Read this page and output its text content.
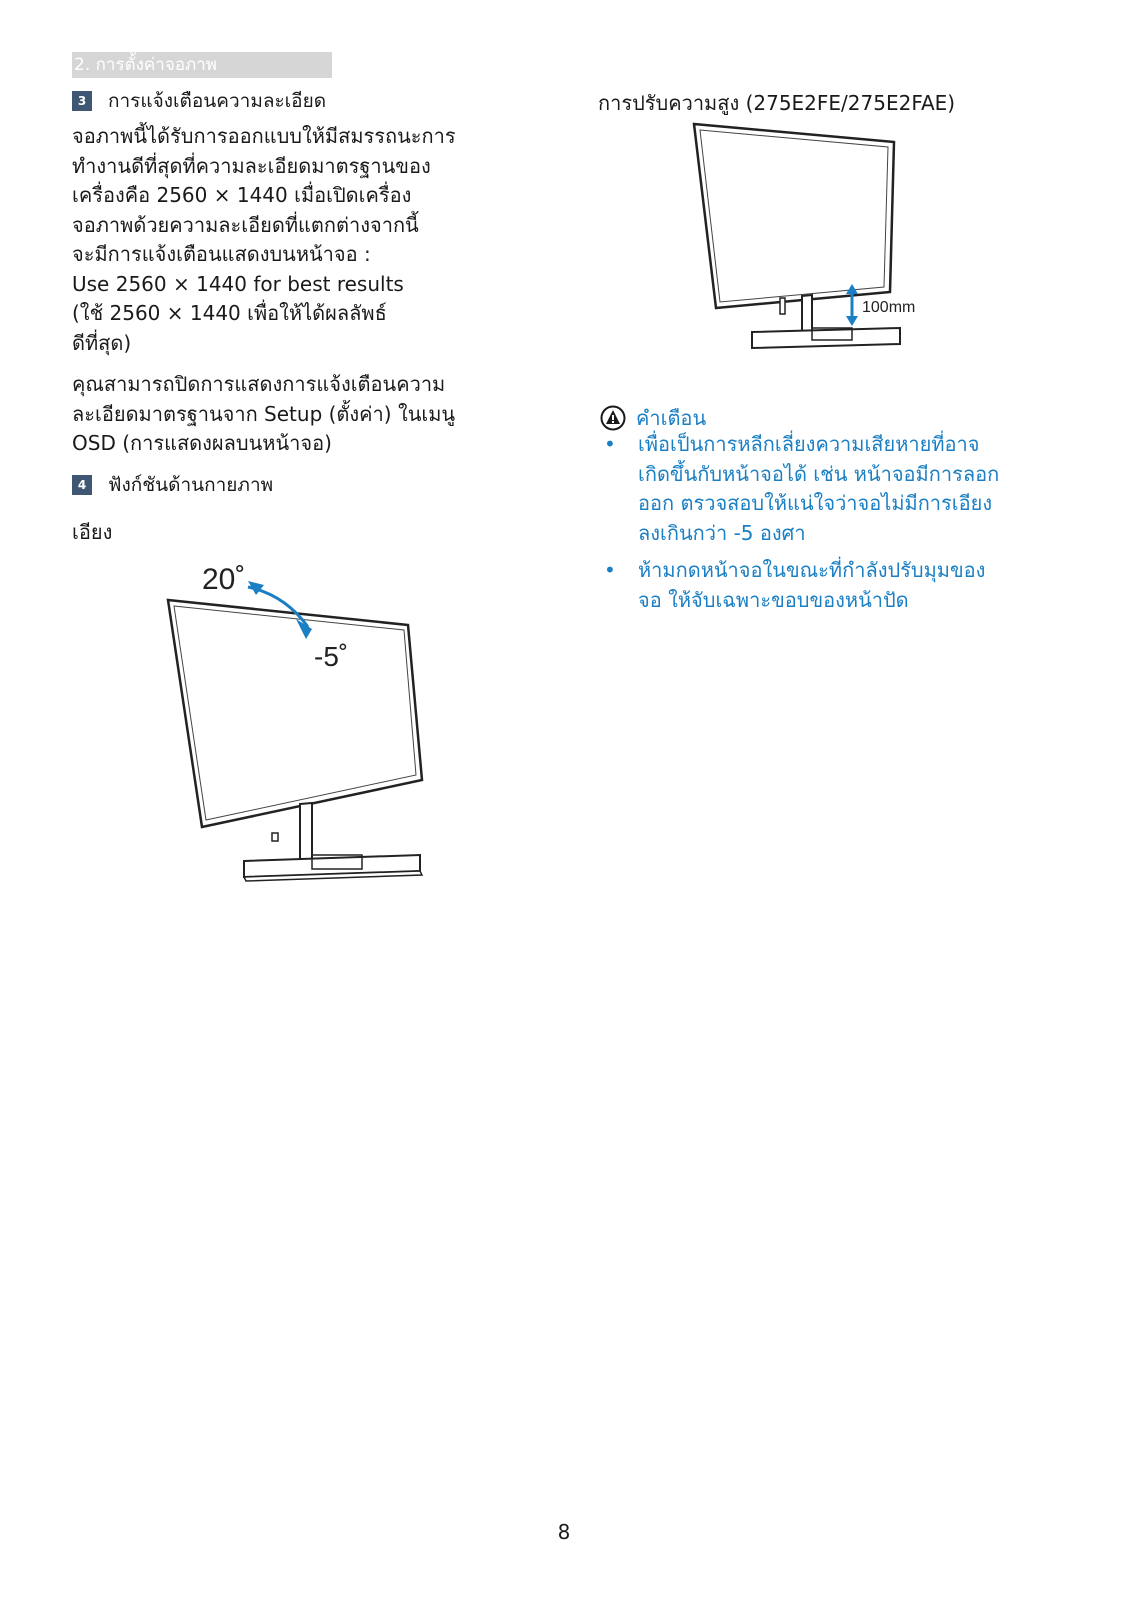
2. การตั้งค่าจอภาพ
3	การแจ้งเตือนความละเอียด
จอภาพนี้ได้รับการออกแบบให้มีสมรรถนะการ
ทำงานดีที่สุดที่ความละเอียดมาตรฐานของ
เครื่องคือ 2560 × 1440 เมื่อเปิดเครื่อง
จอภาพด้วยความละเอียดที่แตกต่างจากนี้
จะมีการแจ้งเตือนแสดงบนหน้าจอ :
Use 2560 × 1440 for best results
(ใช้ 2560 × 1440 เพื่อให้ได้ผลลัพธ์
ดีที่สุด)
คุณสามารถปิดการแสดงการแจ้งเตือนความ
ละเอียดมาตรฐานจาก Setup (ตั้งค่า) ในเมนู
OSD (การแสดงผลบนหน้าจอ)
4	ฟังก์ชันด้านกายภาพ
เอียง
20˚
-5˚
การปรับความสูง (275E2FE/275E2FAE)
100mm
คำเตือน
• เพื่อเป็นการหลีกเลี่ยงความเสียหายที่อาจ
เกิดขึ้นกับหน้าจอได้ เช่น หน้าจอมีการลอก
ออก ตรวจสอบให้แน่ใจว่าจอไม่มีการเอียง
ลงเกินกว่า -5 องศา
• ห้ามกดหน้าจอในขณะที่กำลังปรับมุมของ
จอ ให้จับเฉพาะขอบของหน้าปัด
8
